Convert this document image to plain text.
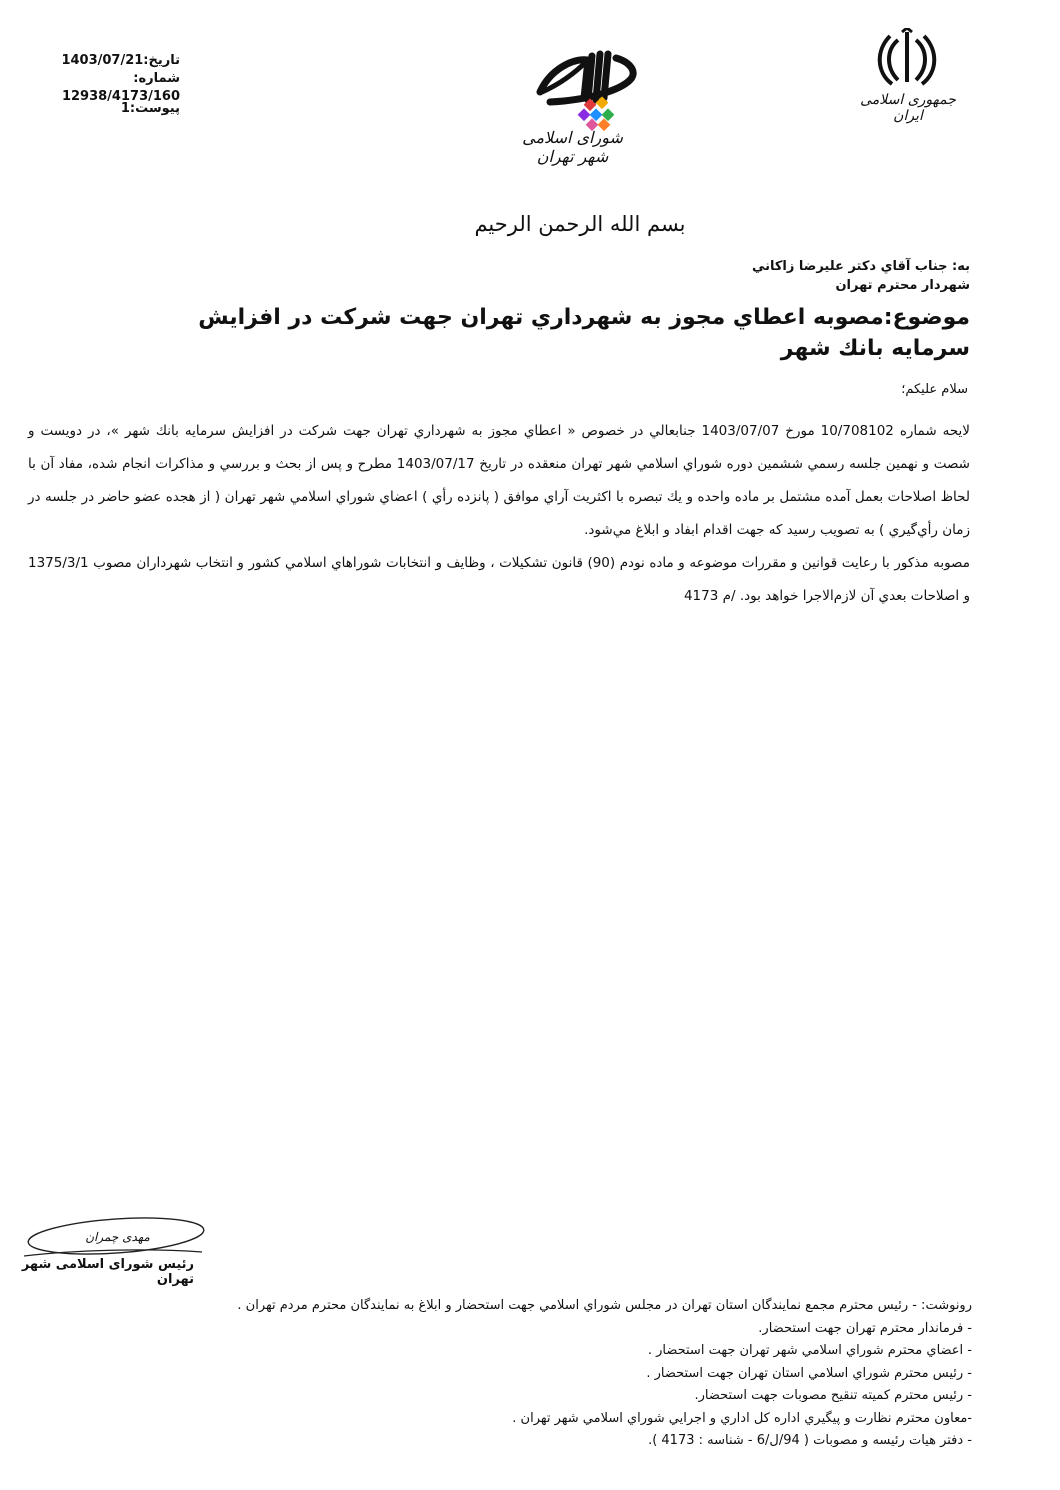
تاریخ:1403/07/21
شماره:
12938/4173/160
پیوست:1
شورای اسلامی شهر تهران
جمهوری اسلامی ایران
بسم الله الرحمن الرحيم
به: جناب آقاي دكتر عليرضا زاكاني
شهردار محترم تهران
موضوع:مصوبه اعطاي مجوز به شهرداري تهران جهت شركت در افزايش سرمايه بانك شهر
سلام عليكم؛

لايحه شماره 10/708102 مورخ 1403/07/07 جنابعالي در خصوص « اعطاي مجوز به شهرداري تهران جهت شركت در افزايش سرمايه بانك شهر »، در دويست و شصت و نهمين جلسه رسمي ششمين دوره شوراي اسلامي شهر تهران منعقده در تاريخ 1403/07/17 مطرح و پس از بحث و بررسي و مذاكرات انجام شده، مفاد آن با لحاظ اصلاحات بعمل آمده مشتمل بر ماده واحده و يك تبصره با اكثريت آراي موافق ( پانزده رأي ) اعضاي شوراي اسلامي شهر تهران ( از هجده عضو حاضر در جلسه در زمان رأي‌گيري ) به تصويب رسيد كه جهت اقدام ابفاد و ابلاغ مي‌شود.

مصوبه مذكور با رعايت قوانين و مقررات موضوعه و ماده نودم (90) قانون تشكيلات ، وظايف و انتخابات شوراهاي اسلامي كشور و انتخاب شهرداران مصوب 1375/3/1 و اصلاحات بعدي آن لازم‌الاجرا خواهد بود. /م 4173

مهدی چمران
رئیس شورای اسلامی شهر تهران
رونوشت: - رئيس محترم مجمع نمايندگان استان تهران در مجلس شوراي اسلامي جهت استحضار و ابلاغ به نمايندگان محترم مردم تهران .
- فرماندار محترم تهران جهت استحضار.
- اعضاي محترم شوراي اسلامي شهر تهران جهت استحضار .
- رئيس محترم شوراي اسلامي استان تهران جهت استحضار .
- رئيس محترم كميته تنقيح مصوبات جهت استحضار.
-معاون محترم نظارت و پيگيري اداره كل اداري و اجرايي شوراي اسلامي شهر تهران .
- دفتر هيات رئيسه و مصوبات ( 94/ل/6 - شناسه : 4173 ).
